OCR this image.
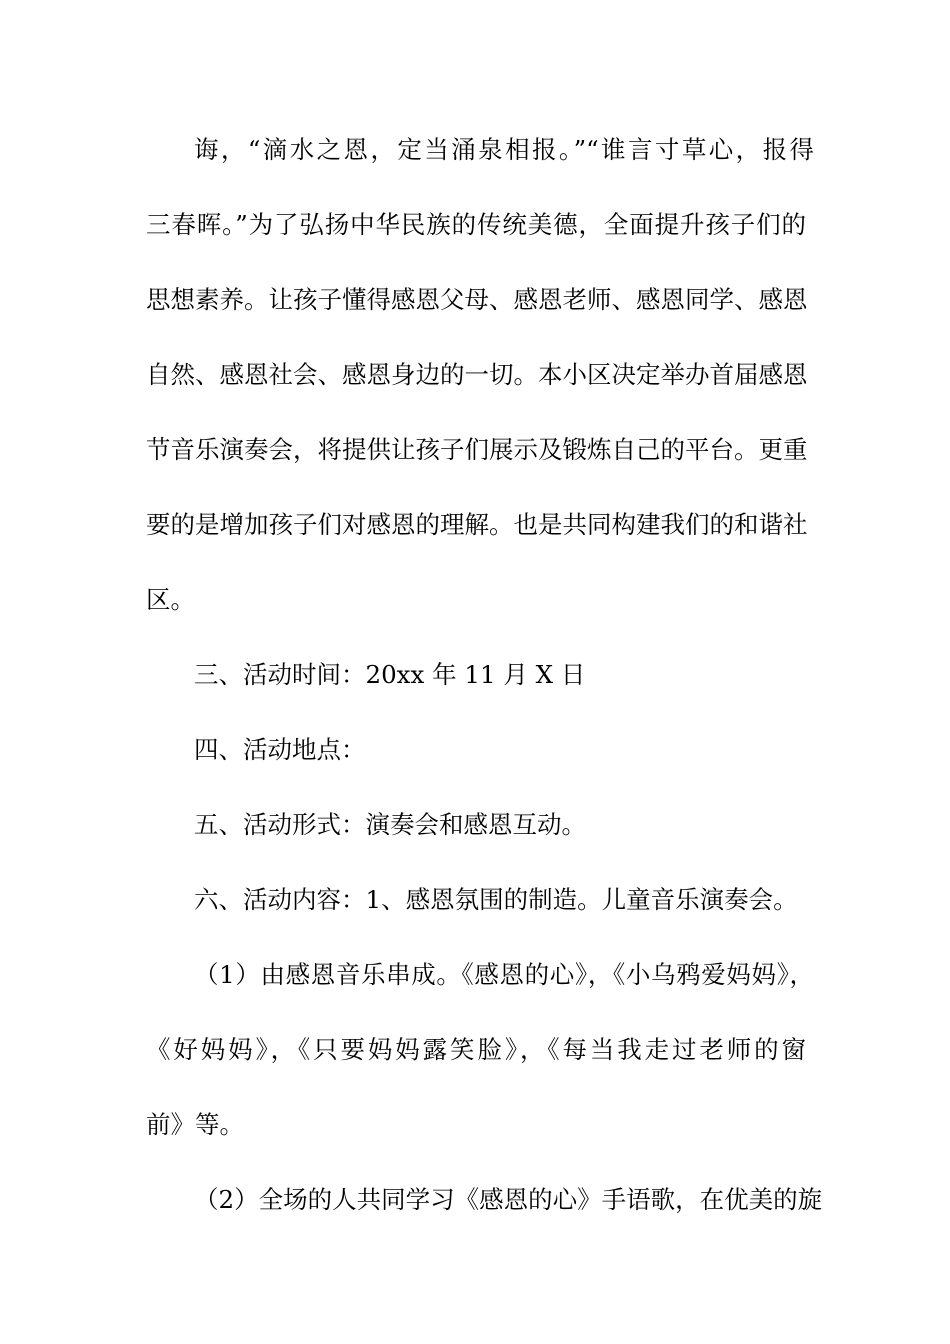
诲，“滴水之恩，定当涌泉相报。”“谁言寸草心，报得
三春晖。”为了弘扬中华民族的传统美德，全面提升孩子们的
思想素养。让孩子懂得感恩父母、感恩老师、感恩同学、感恩
自然、感恩社会、感恩身边的一切。本小区决定举办首届感恩
节音乐演奏会，将提供让孩子们展示及锻炼自己的平台。更重
要的是增加孩子们对感恩的理解。也是共同构建我们的和谐社
区。
三、活动时间：20xx 年 11 月 X 日
四、活动地点：
五、活动形式：演奏会和感恩互动。
六、活动内容：1、感恩氛围的制造。儿童音乐演奏会。
（1）由感恩音乐串成。《感恩的心》，《小乌鸦爱妈妈》，
《好妈妈》，《只要妈妈露笑脸》，《每当我走过老师的窗
前》等。
（2）全场的人共同学习《感恩的心》手语歌，在优美的旋
